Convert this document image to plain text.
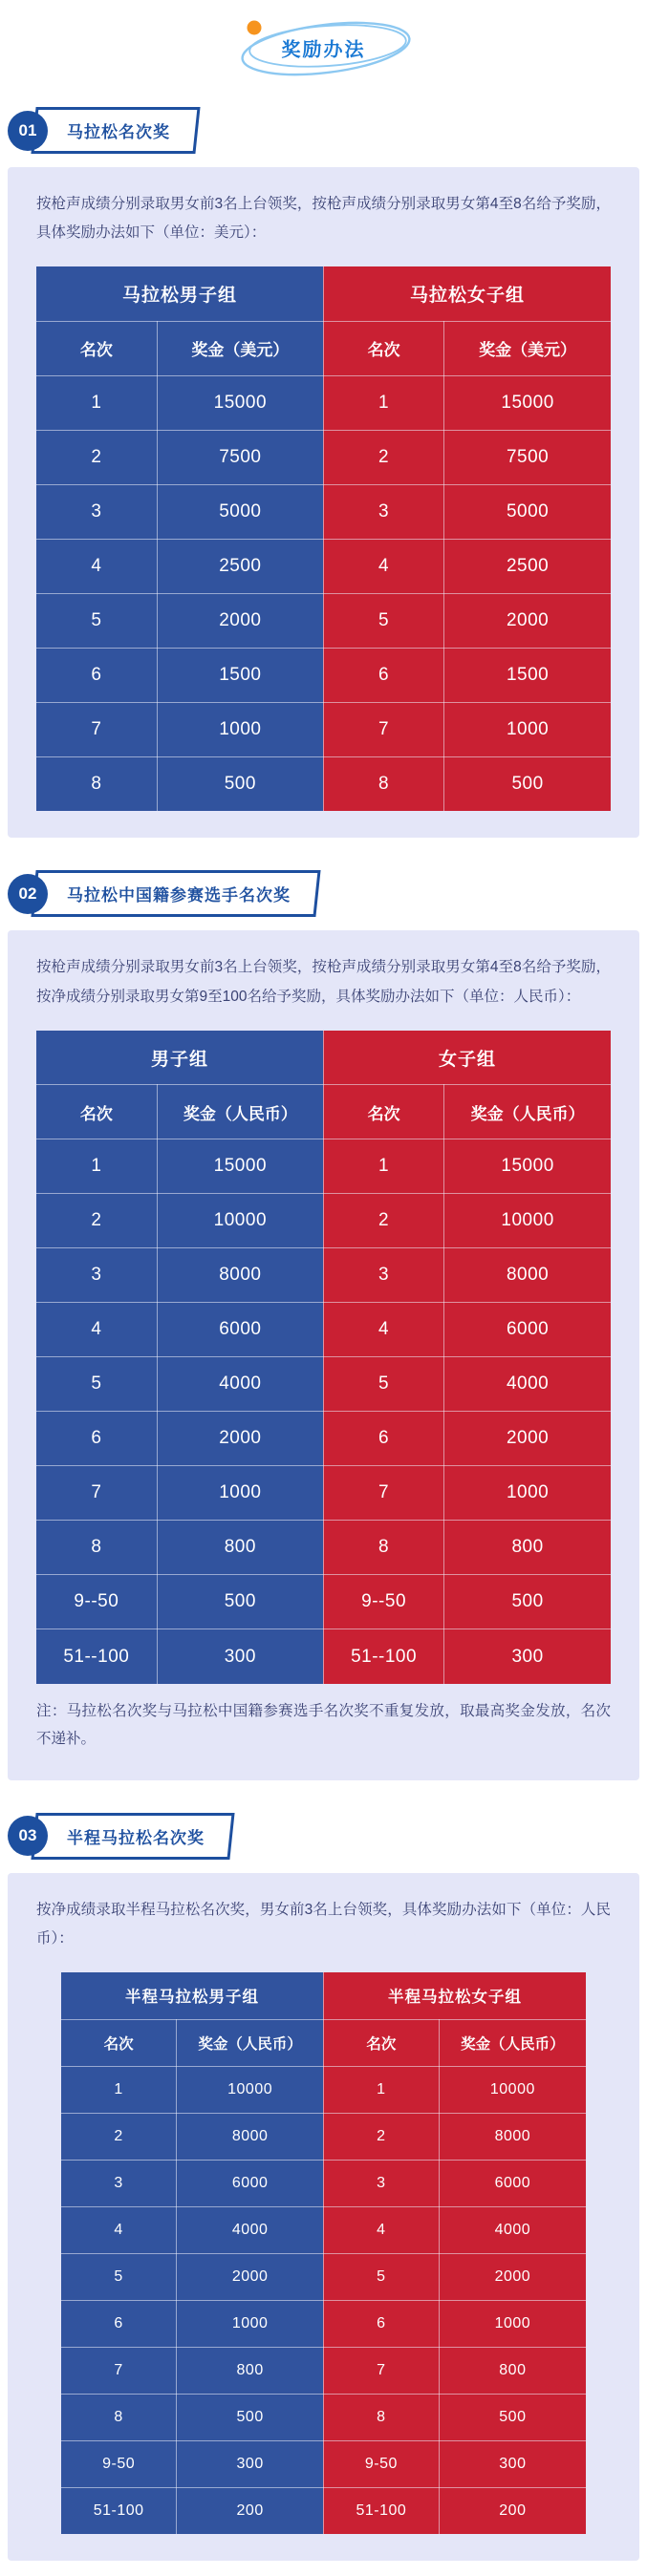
奖励办法
01	马拉松名次奖

按枪声成绩分别录取男女前3名上台领奖，按枪声成绩分别录取男女第4至8名给予奖励，具体奖励办法如下（单位：美元）：

马拉松男子组		马拉松女子组	
名次	奖金（美元）	名次	奖金（美元）
1	15000	1	15000
2	7500	2	7500
3	5000	3	5000
4	2500	4	2500
5	2000	5	2000
6	1500	6	1500
7	1000	7	1000
8	500	8	500
02	马拉松中国籍参赛选手名次奖

按枪声成绩分别录取男女前3名上台领奖，按枪声成绩分别录取男女第4至8名给予奖励，按净成绩分别录取男女第9至100名给予奖励，具体奖励办法如下（单位：人民币）：

男子组		女子组	
名次	奖金（人民币）	名次	奖金（人民币）
1	15000	1	15000
2	10000	2	10000
3	8000	3	8000
4	6000	4	6000
5	4000	5	4000
6	2000	6	2000
7	1000	7	1000
8	800	8	800
9--50	500	9--50	500
51--100	300	51--100	300

注：马拉松名次奖与马拉松中国籍参赛选手名次奖不重复发放，取最高奖金发放，名次不递补。

03	半程马拉松名次奖

按净成绩录取半程马拉松名次奖，男女前3名上台领奖，具体奖励办法如下（单位：人民币）：

半程马拉松男子组		半程马拉松女子组	
名次	奖金（人民币）	名次	奖金（人民币）
1	10000	1	10000
2	8000	2	8000
3	6000	3	6000
4	4000	4	4000
5	2000	5	2000
6	1000	6	1000
7	800	7	800
8	500	8	500
9-50	300	9-50	300
51-100	200	51-100	200
